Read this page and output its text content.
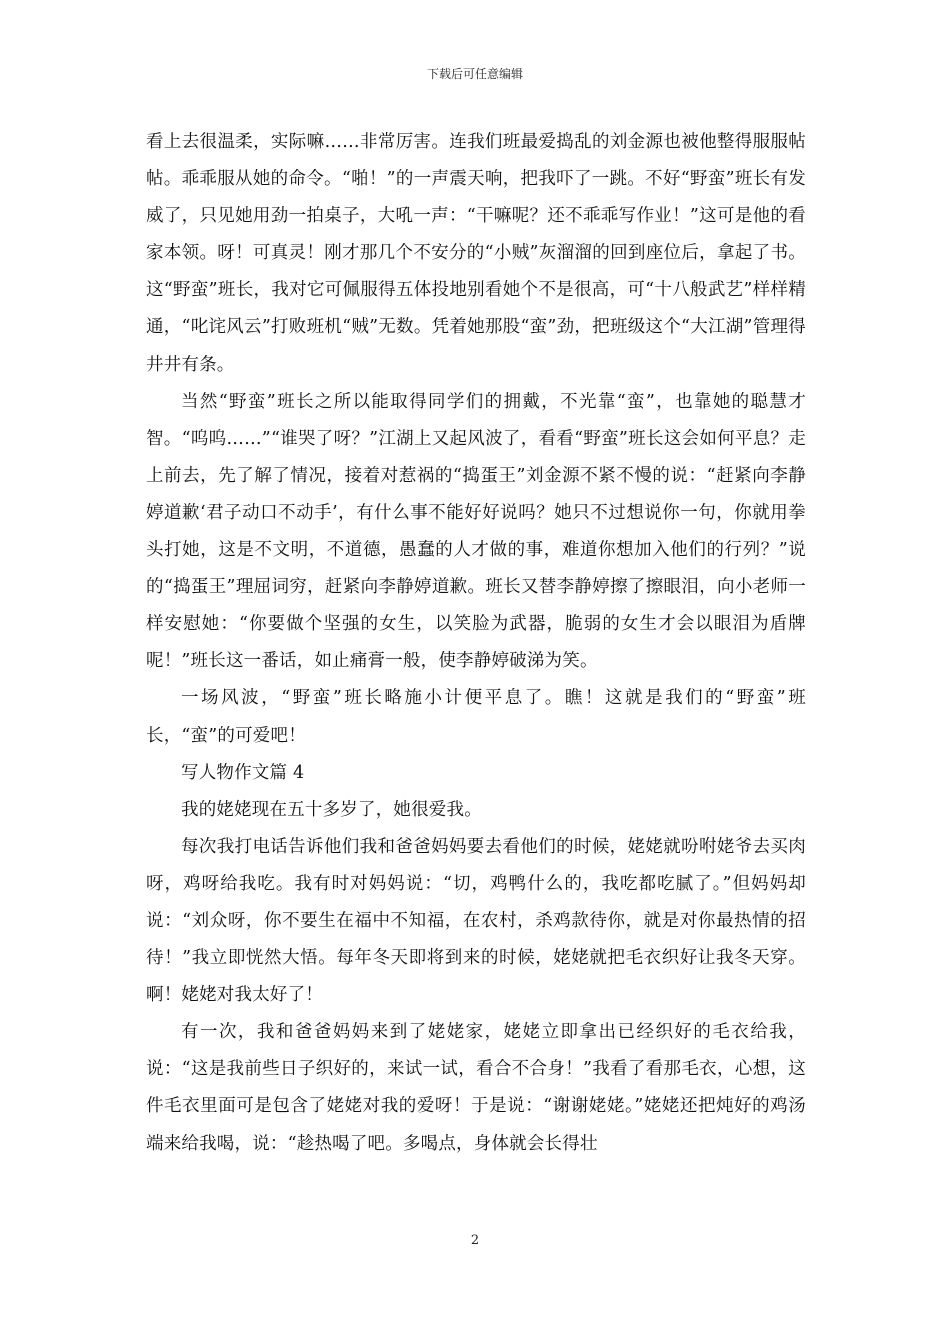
下载后可任意编辑

看上去很温柔，实际嘛……非常厉害。连我们班最爱捣乱的刘金源也被他整得服服帖帖。乖乖服从她的命令。“啪！”的一声震天响，把我吓了一跳。不好“野蛮”班长有发威了，只见她用劲一拍桌子，大吼一声：“干嘛呢？还不乖乖写作业！”这可是他的看家本领。呀！可真灵！刚才那几个不安分的“小贼”灰溜溜的回到座位后，拿起了书。这“野蛮”班长，我对它可佩服得五体投地别看她个不是很高，可“十八般武艺”样样精通，“叱诧风云”打败班机“贼”无数。凭着她那股“蛮”劲，把班级这个“大江湖”管理得井井有条。

当然“野蛮”班长之所以能取得同学们的拥戴，不光靠“蛮”，也靠她的聪慧才智。“呜呜……”“谁哭了呀？”江湖上又起风波了，看看“野蛮”班长这会如何平息？走上前去，先了解了情况，接着对惹祸的“捣蛋王”刘金源不紧不慢的说：“赶紧向李静婷道歉‘君子动口不动手’，有什么事不能好好说吗？她只不过想说你一句，你就用拳头打她，这是不文明，不道德，愚蠢的人才做的事，难道你想加入他们的行列？”说的“捣蛋王”理屈词穷，赶紧向李静婷道歉。班长又替李静婷擦了擦眼泪，向小老师一样安慰她：“你要做个坚强的女生，以笑脸为武器，脆弱的女生才会以眼泪为盾牌呢！”班长这一番话，如止痛膏一般，使李静婷破涕为笑。

一场风波，“野蛮”班长略施小计便平息了。瞧！这就是我们的“野蛮”班长，“蛮”的可爱吧！

写人物作文篇 4

我的姥姥现在五十多岁了，她很爱我。

每次我打电话告诉他们我和爸爸妈妈要去看他们的时候，姥姥就吩咐姥爷去买肉呀，鸡呀给我吃。我有时对妈妈说：“切，鸡鸭什么的，我吃都吃腻了。”但妈妈却说：“刘众呀，你不要生在福中不知福，在农村，杀鸡款待你，就是对你最热情的招待！”我立即恍然大悟。每年冬天即将到来的时候，姥姥就把毛衣织好让我冬天穿。啊！姥姥对我太好了！

有一次，我和爸爸妈妈来到了姥姥家，姥姥立即拿出已经织好的毛衣给我，说：“这是我前些日子织好的，来试一试，看合不合身！”我看了看那毛衣，心想，这件毛衣里面可是包含了姥姥对我的爱呀！于是说：“谢谢姥姥。”姥姥还把炖好的鸡汤端来给我喝，说：“趁热喝了吧。多喝点，身体就会长得壮

2
